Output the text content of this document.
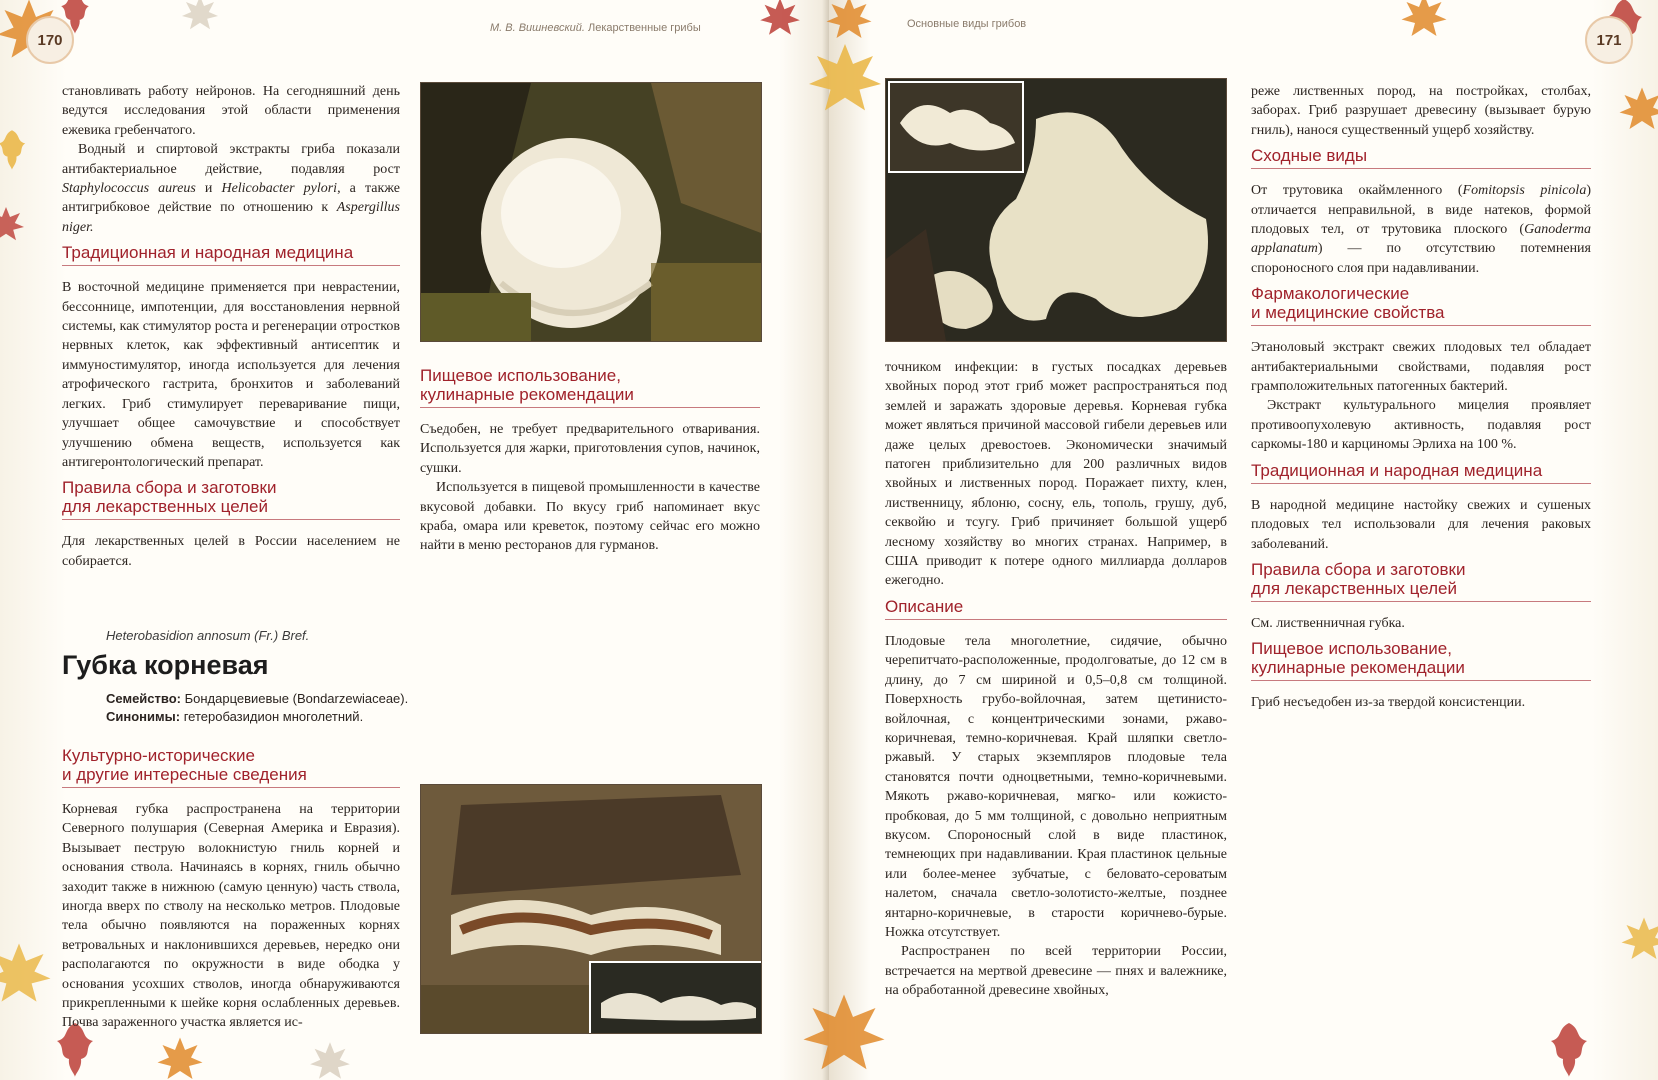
170
М. В. Вишневский. Лекарственные грибы

становливать работу нейронов. На сегодняшний день ведутся исследования этой области применения ежевика гребенчатого.

Водный и спиртовой экстракты гриба показали антибактериальное действие, подавляя рост Staphylococcus aureus и Helicobacter pylori, а также антигрибковое действие по отношению к Aspergillus niger.

Традиционная и народная медицина

В восточной медицине применяется при неврастении, бессоннице, импотенции, для восстановления нервной системы, как стимулятор роста и регенерации отростков нервных клеток, как эффективный антисептик и иммуностимулятор, иногда используется для лечения атрофического гастрита, бронхитов и заболеваний легких. Гриб стимулирует переваривание пищи, улучшает общее самочувствие и способствует улучшению обмена веществ, используется как антигеронтологический препарат.

Правила сбора и заготовки
для лекарственных целей

Для лекарственных целей в России населением не собирается.

Пищевое использование,
кулинарные рекомендации

Съедобен, не требует предварительного отваривания. Используется для жарки, приготовления супов, начинок, сушки.

Используется в пищевой промышленности в качестве вкусовой добавки. По вкусу гриб напоминает вкус краба, омара или креветок, поэтому сейчас его можно найти в меню ресторанов для гурманов.

Heterobasidion annosum (Fr.) Bref.
Губка корневая
Семейство: Бондарцевиевые (Bondarzewiaceae).
Синонимы: гетеробазидион многолетний.
Культурно-исторические
и другие интересные сведения

Корневая губка распространена на территории Северного полушария (Северная Америка и Евразия). Вызывает пеструю волокнистую гниль корней и основания ствола. Начинаясь в корнях, гниль обычно заходит также в нижнюю (самую ценную) часть ствола, иногда вверх по стволу на несколько метров. Плодовые тела обычно появляются на пораженных корнях ветровальных и наклонившихся деревьев, нередко они располагаются по окружности в виде ободка у основания усохших стволов, иногда обнаруживаются прикрепленными к шейке корня ослабленных деревьев. Почва зараженного участка является ис-

171
Основные виды грибов

точником инфекции: в густых посадках деревьев хвойных пород этот гриб может распространяться под землей и заражать здоровые деревья. Корневая губка может являться причиной массовой гибели деревьев или даже целых древостоев. Экономически значимый патоген приблизительно для 200 различных видов хвойных и лиственных пород. Поражает пихту, клен, лиственницу, яблоню, сосну, ель, тополь, грушу, дуб, секвойю и тсугу. Гриб причиняет большой ущерб лесному хозяйству во многих странах. Например, в США приводит к потере одного миллиарда долларов ежегодно.

Описание

Плодовые тела многолетние, сидячие, обычно черепитчато-расположенные, продолговатые, до 12 см в длину, до 7 см шириной и 0,5–0,8 см толщиной. Поверхность грубо-войлочная, затем щетинисто-войлочная, с концентрическими зонами, ржаво-коричневая, темно-коричневая. Край шляпки светло-ржавый. У старых экземпляров плодовые тела становятся почти одноцветными, темно-коричневыми. Мякоть ржаво-коричневая, мягко- или кожисто-пробковая, до 5 мм толщиной, с довольно неприятным вкусом. Спороносный слой в виде пластинок, темнеющих при надавливании. Края пластинок цельные или более-менее зубчатые, с беловато-сероватым налетом, сначала светло-золотисто-желтые, позднее янтарно-коричневые, в старости коричнево-бурые. Ножка отсутствует.

Распространен по всей территории России, встречается на мертвой древесине — пнях и валежнике, на обработанной древесине хвойных,

реже лиственных пород, на постройках, столбах, заборах. Гриб разрушает древесину (вызывает бурую гниль), нанося существенный ущерб хозяйству.

Сходные виды

От трутовика окаймленного (Fomitopsis pinicola) отличается неправильной, в виде натеков, формой плодовых тел, от трутовика плоского (Ganoderma applanatum) — по отсутствию потемнения спороносного слоя при надавливании.

Фармакологические
и медицинские свойства

Этаноловый экстракт свежих плодовых тел обладает антибактериальными свойствами, подавляя рост грамположительных патогенных бактерий.

Экстракт культурального мицелия проявляет противоопухолевую активность, подавляя рост саркомы-180 и карциномы Эрлиха на 100 %.

Традиционная и народная медицина

В народной медицине настойку свежих и сушеных плодовых тел использовали для лечения раковых заболеваний.

Правила сбора и заготовки
для лекарственных целей

См. лиственничная губка.

Пищевое использование,
кулинарные рекомендации

Гриб несъедобен из-за твердой консистенции.
